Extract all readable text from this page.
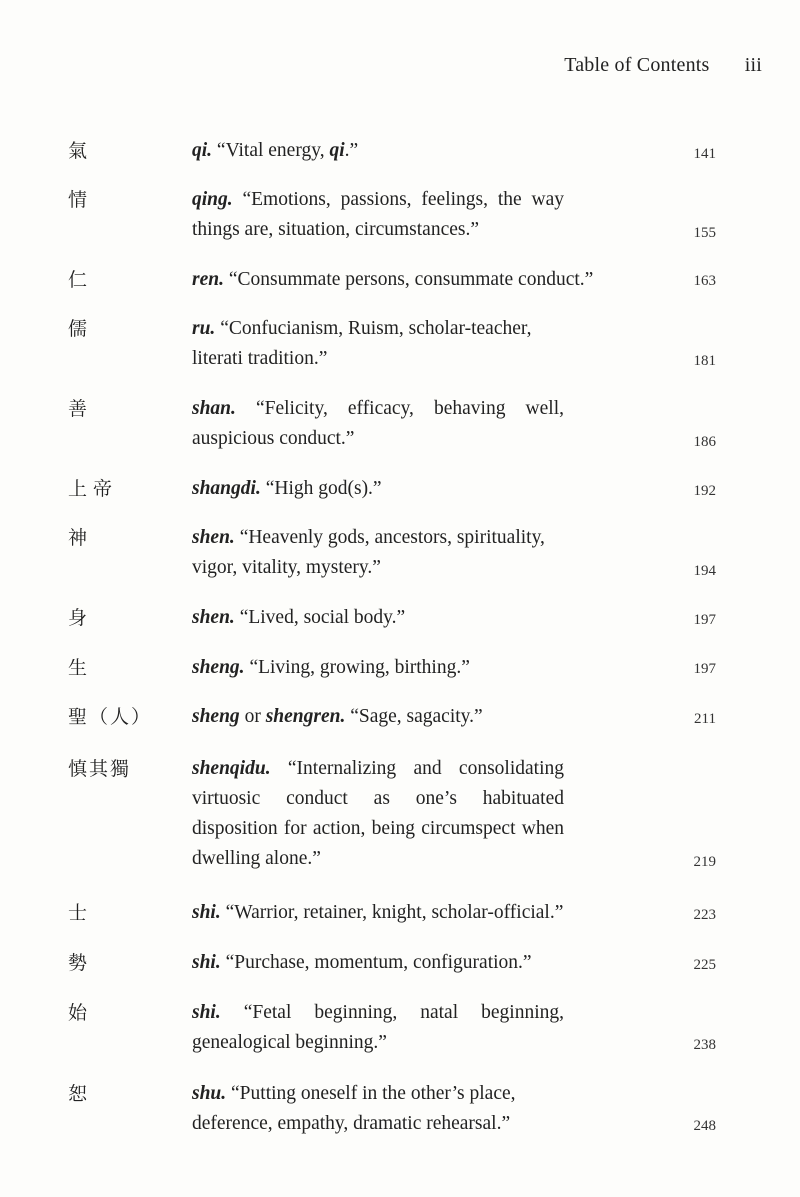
Table of Contents iii
氣	qi. “Vital energy, qi.”	141
情	qing. “Emotions, passions, feelings, the way things are, situation, circumstances.”	155
仁	ren. “Consummate persons, consummate conduct.”	163
儒	ru. “Confucianism, Ruism, scholar-teacher, literati tradition.”	181
善	shan. “Felicity, efficacy, behaving well, auspicious conduct.”	186
上帝	shangdi. “High god(s).”	192
神	shen. “Heavenly gods, ancestors, spirituality, vigor, vitality, mystery.”	194
身	shen. “Lived, social body.”	197
生	sheng. “Living, growing, birthing.”	197
聖（人） sheng or shengren. “Sage, sagacity.”	211
慎其獨	shenqidu. “Internalizing and consolidating virtuosic conduct as one’s habituated disposition for action, being circumspect when dwelling alone.”	219
士	shi. “Warrior, retainer, knight, scholar-official.”	223
勢	shi. “Purchase, momentum, configuration.”	225
始	shi. “Fetal beginning, natal beginning, genealogical beginning.”	238
恕	shu. “Putting oneself in the other’s place, deference, empathy, dramatic rehearsal.”	248
